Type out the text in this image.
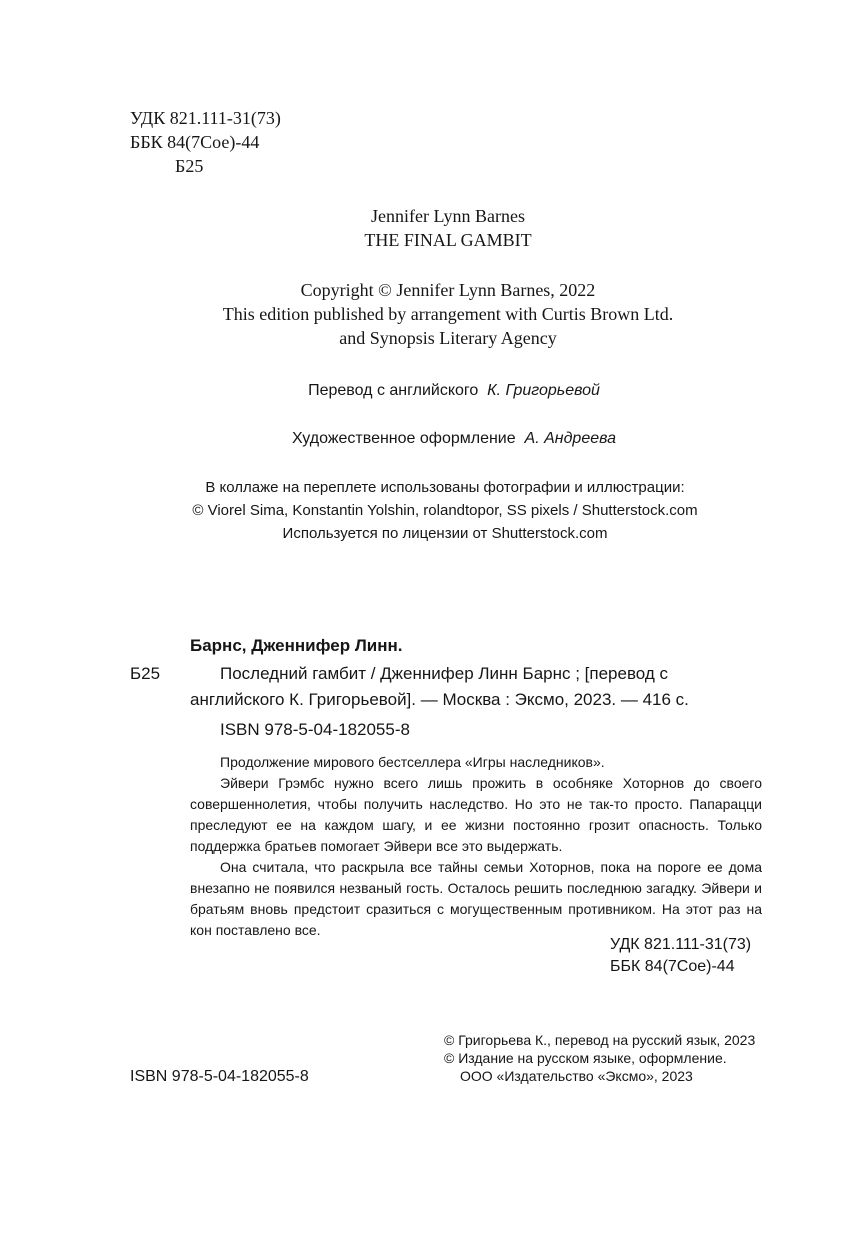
УДК 821.111-31(73)
ББК 84(7Сое)-44
Б25
Jennifer Lynn Barnes
THE FINAL GAMBIT
Copyright © Jennifer Lynn Barnes, 2022
This edition published by arrangement with Curtis Brown Ltd.
and Synopsis Literary Agency
Перевод с английского К. Григорьевой
Художественное оформление А. Андреева
В коллаже на переплете использованы фотографии и иллюстрации:
© Viorel Sima, Konstantin Yolshin, rolandtopor, SS pixels / Shutterstock.com
Используется по лицензии от Shutterstock.com
Барнс, Дженнифер Линн.
Б25	Последний гамбит / Дженнифер Линн Барнс ; [перевод с
английского К. Григорьевой]. — Москва : Эксмо, 2023. — 416 с.
ISBN 978-5-04-182055-8

Продолжение мирового бестселлера «Игры наследников».

Эйвери Грэмбс нужно всего лишь прожить в особняке Хоторнов до своего совершеннолетия, чтобы получить наследство. Но это не так-то просто. Папарацци преследуют ее на каждом шагу, и ее жизни постоянно грозит опасность. Только поддержка братьев помогает Эйвери все это выдержать.

Она считала, что раскрыла все тайны семьи Хоторнов, пока на пороге ее дома внезапно не появился незваный гость. Осталось решить последнюю загадку. Эйвери и братьям вновь предстоит сразиться с могущественным противником. На этот раз на кон поставлено все.

УДК 821.111-31(73)
ББК 84(7Сое)-44
ISBN 978-5-04-182055-8
© Григорьева К., перевод на русский язык, 2023
© Издание на русском языке, оформление.
ООО «Издательство «Эксмо», 2023
